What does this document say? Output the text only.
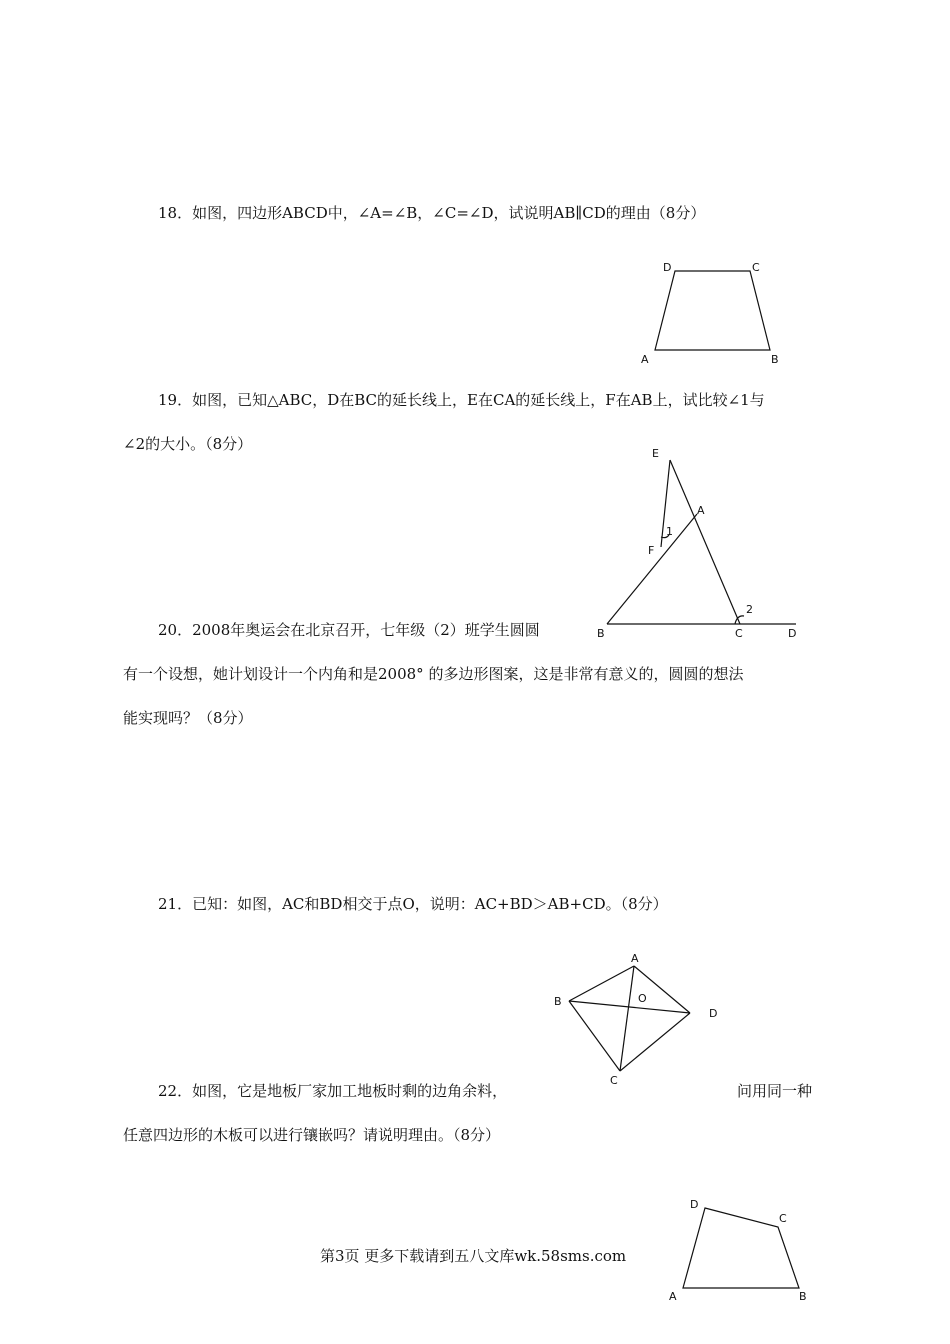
18．如图，四边形ABCD中，∠A=∠B，∠C=∠D，试说明AB∥CD的理由（8分）
D	C
A	B
19．如图，已知△ABC，D在BC的延长线上，E在CA的延长线上，F在AB上，试比较∠1与
∠2的大小。（8分）
E
A
F
1
2
B	C	D
20．2008年奥运会在北京召开，七年级（2）班学生圆圆
有一个设想，她计划设计一个内角和是2008° 的多边形图案，这是非常有意义的，圆圆的想法
能实现吗？（8分）
21．已知：如图，AC和BD相交于点O，说明：AC+BD＞AB+CD。（8分）
A
B	O
D
C
22．如图，它是地板厂家加工地板时剩的边角余料，	问用同一种
任意四边形的木板可以进行镶嵌吗？请说明理由。（8分）
D
C
A	B
第3页 更多下载请到五八文库wk.58sms.com
